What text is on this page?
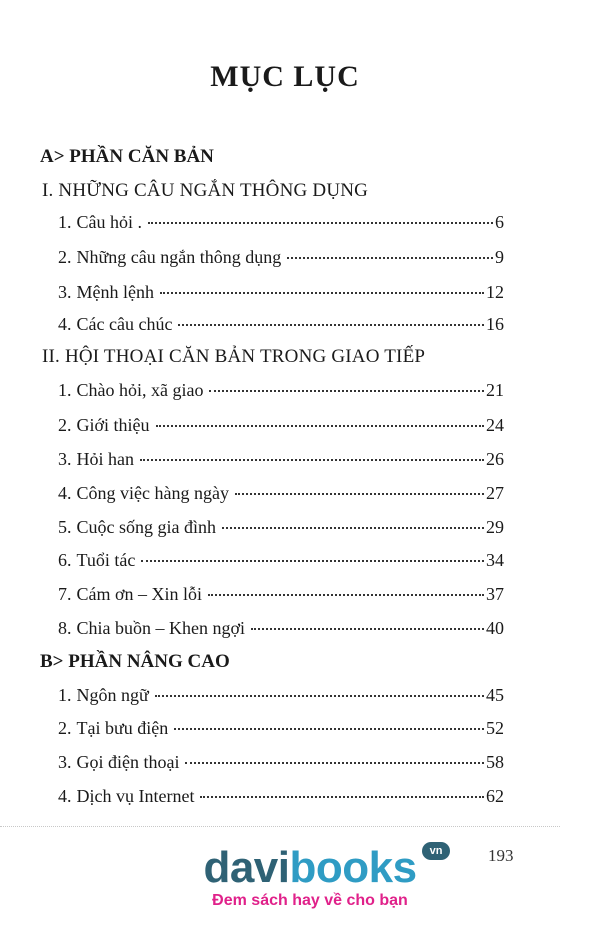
MỤC LỤC
A> PHẦN CĂN BẢN
I. NHỮNG CÂU NGẮN THÔNG DỤNG
1. Câu hỏi .	6
2. Những câu ngắn thông dụng	9
3. Mệnh lệnh	12
4. Các câu chúc	16
II. HỘI THOẠI CĂN BẢN TRONG GIAO TIẾP
1. Chào hỏi, xã giao	21
2. Giới thiệu	24
3. Hỏi han	26
4. Công việc hàng ngày	27
5. Cuộc sống gia đình	29
6. Tuổi tác	34
7. Cám ơn – Xin lỗi	37
8. Chia buồn – Khen ngợi	40
B> PHẦN NÂNG CAO
1. Ngôn ngữ	45
2. Tại bưu điện	52
3. Gọi điện thoại	58
4. Dịch vụ Internet	62
193
davibooks	vn
Đem sách hay về cho bạn
